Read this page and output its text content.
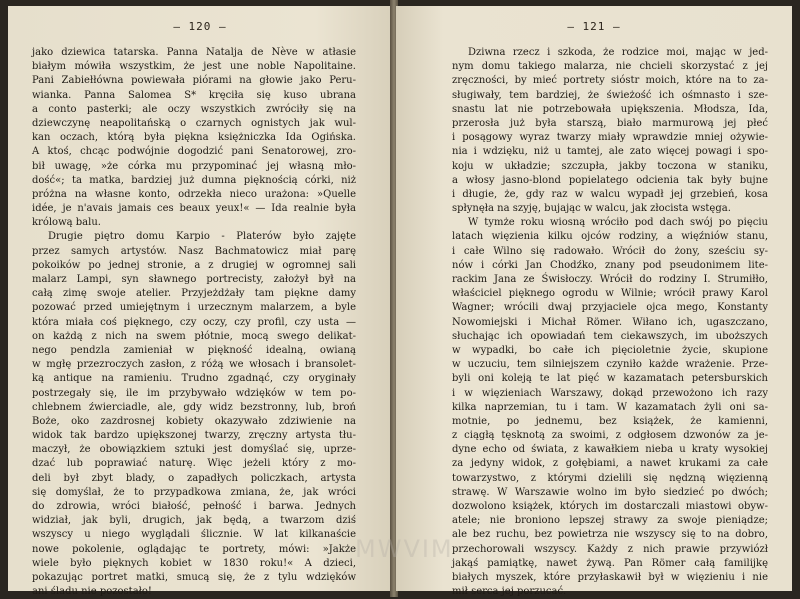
— 120 —
jako dziewica tatarska. Panna Natalja de Nève w atłasie
białym mówiła wszystkim, że jest une noble Napolitaine.
Pani Zabiełłówna powiewała piórami na głowie jako Peru-
wianka. Panna Salomea S* kręciła się kuso ubrana
a conto pasterki; ale oczy wszystkich zwróciły się na
dziewczynę neapolitańską o czarnych ognistych jak wul-
kan oczach, którą była piękna księżniczka Ida Ogińska.
A ktoś, chcąc podwójnie dogodzić pani Senatorowej, zro-
bił uwagę, »że córka mu przypominać jej własną mło-
dość«; ta matka, bardziej już dumna pięknością córki, niż
próżna na własne konto, odrzekła nieco urażona: »Quelle
idée, je n'avais jamais ces beaux yeux!« — Ida realnie była
królową balu.
Drugie piętro domu Karpio - Platerów było zajęte
przez samych artystów. Nasz Bachmatowicz miał parę
pokoików po jednej stronie, a z drugiej w ogromnej sali
malarz Lampi, syn sławnego portrecisty, założył był na
całą zimę swoje atelier. Przyjeżdżały tam piękne damy
pozować przed umiejętnym i urzecznym malarzem, a byle
która miała coś pięknego, czy oczy, czy profil, czy usta —
on każdą z nich na swem płótnie, mocą swego delikat-
nego pendzla zamieniał w piękność idealną, owianą
w mgłę przezroczych zasłon, z różą we włosach i bransolet-
ką antique na ramieniu. Trudno zgadnąć, czy oryginały
postrzegały się, ile im przybywało wdzięków w tem po-
chlebnem źwierciadle, ale, gdy widz bezstronny, lub, broń
Boże, oko zazdrosnej kobiety okazywało zdziwienie na
widok tak bardzo upiększonej twarzy, zręczny artysta tłu-
maczył, że obowiązkiem sztuki jest domyślać się, uprze-
dzać lub poprawiać naturę. Więc jeżeli który z mo-
deli był zbyt blady, o zapadłych policzkach, artysta
się domyślał, że to przypadkowa zmiana, że, jak wróci
do zdrowia, wróci białość, pełność i barwa. Jednych
widział, jak byli, drugich, jak będą, a twarzom dziś
wszyscy u niego wyglądali ślicznie. W lat kilkanaście
nowe pokolenie, oglądając te portrety, mówi: »Jakże
wiele było pięknych kobiet w 1830 roku!« A dzieci,
pokazując portret matki, smucą się, że z tylu wdzięków
ani śladu nie pozostało!
— 121 —
Dziwna rzecz i szkoda, że rodzice moi, mając w jed-
nym domu takiego malarza, nie chcieli skorzystać z jej
zręczności, by mieć portrety sióstr moich, które na to za-
sługiwały, tem bardziej, że świeżość ich ośmnasto i sze-
snastu lat nie potrzebowała upiększenia. Młodsza, Ida,
przerosła już była starszą, biało marmurową jej płeć
i posągowy wyraz twarzy miały wprawdzie mniej ożywie-
nia i wdzięku, niż u tamtej, ale zato więcej powagi i spo-
koju w układzie; szczupła, jakby toczona w staniku,
a włosy jasno-blond popielatego odcienia tak były bujne
i długie, że, gdy raz w walcu wypadł jej grzebień, kosa
spłynęła na szyję, bujając w walcu, jak złocista wstęga.
W tymże roku wiosną wróciło pod dach swój po pięciu
latach więzienia kilku ojców rodziny, a więźniów stanu,
i całe Wilno się radowało. Wrócił do żony, sześciu sy-
nów i córki Jan Chodźko, znany pod pseudonimem lite-
rackim Jana ze Świsłoczy. Wrócił do rodziny I. Strumiłło,
właściciel pięknego ogrodu w Wilnie; wrócił prawy Karol
Wagner; wrócili dwaj przyjaciele ojca mego, Konstanty
Nowomiejski i Michał Römer. Wiłano ich, ugaszczano,
słuchając ich opowiadań tem ciekawszych, im uboższych
w wypadki, bo całe ich pięcioletnie życie, skupione
w uczuciu, tem silniejszem czyniło każde wrażenie. Prze-
byli oni koleją te lat pięć w kazamatach petersburskich
i w więzieniach Warszawy, dokąd przewożono ich razy
kilka naprzemian, tu i tam. W kazamatach żyli oni sa-
motnie, po jednemu, bez książek, że kamienni,
z ciągłą tęsknotą za swoimi, z odgłosem dzwonów za je-
dyne echo od świata, z kawałkiem nieba u kraty wysokiej
za jedyny widok, z gołębiami, a nawet krukami za całe
towarzystwo, z którymi dzielili się nędzną więzienną
strawę. W Warszawie wolno im było siedzieć po dwóch;
dozwolono książek, których im dostarczali miastowi obyw-
atele; nie broniono lepszej strawy za swoje pieniądze;
ale bez ruchu, bez powietrza nie wszyscy się to na dobro,
przechorowali wszyscy. Każdy z nich prawie przywiózł
jakąś pamiątkę, nawet żywą. Pan Römer całą familijkę
białych myszek, które przyłaskawił był w więzieniu i nie
mił serca jej porzucać.
MWVIM
